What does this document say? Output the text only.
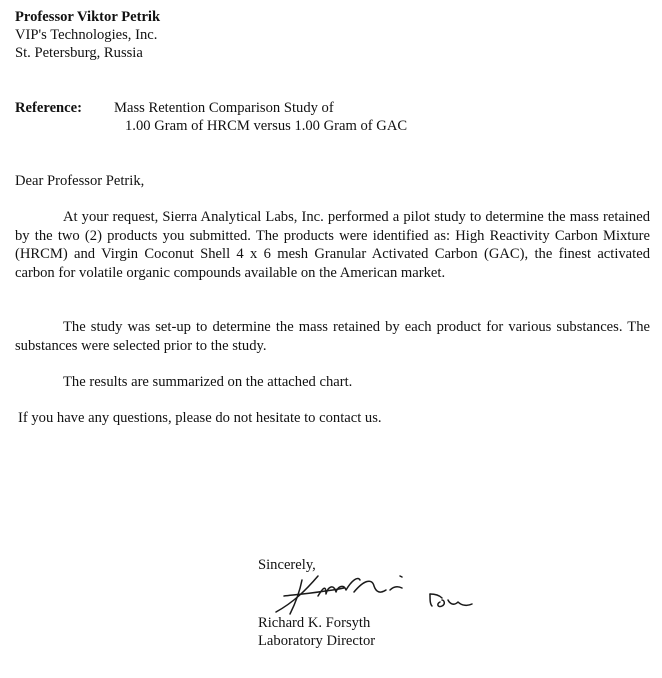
Professor Viktor Petrik
VIP's Technologies, Inc.
St. Petersburg, Russia
Reference: Mass Retention Comparison Study of
1.00 Gram of HRCM versus 1.00 Gram of GAC
Dear Professor Petrik,
At your request, Sierra Analytical Labs, Inc. performed a pilot study to determine the mass retained by the two (2) products you submitted. The products were identified as: High Reactivity Carbon Mixture (HRCM) and Virgin Coconut Shell 4 x 6 mesh Granular Activated Carbon (GAC), the finest activated carbon for volatile organic compounds available on the American market.
The study was set-up to determine the mass retained by each product for various substances. The substances were selected prior to the study.
The results are summarized on the attached chart.
If you have any questions, please do not hesitate to contact us.
Sincerely,
Richard K. Forsyth
Laboratory Director
